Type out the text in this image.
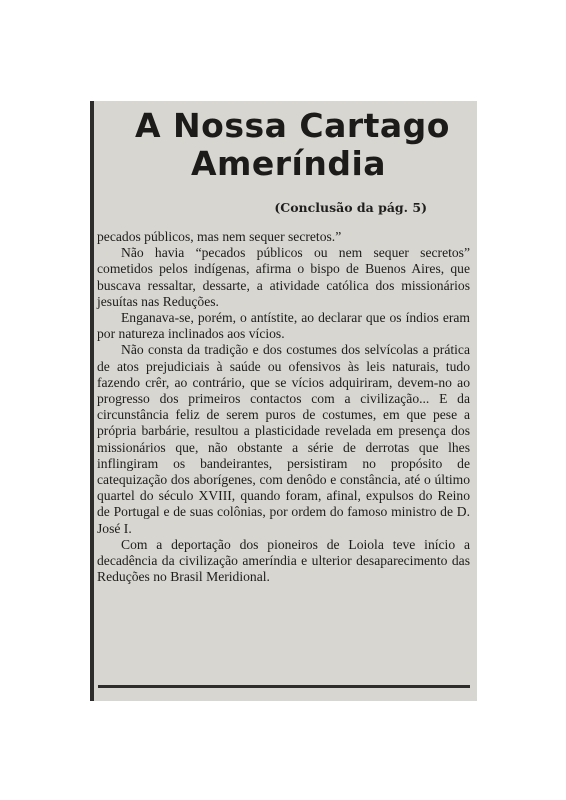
A Nossa Cartago
Ameríndia
(Conclusão da pág. 5)

pecados públicos, mas nem sequer secretos.”

Não havia “pecados públicos ou nem sequer secretos” cometidos pelos indígenas, afirma o bispo de Buenos Aires, que buscava ressaltar, dessarte, a atividade católica dos missionários jesuítas nas Reduções.

Enganava-se, porém, o antístite, ao declarar que os índios eram por natureza inclinados aos vícios.

Não consta da tradição e dos costumes dos selvícolas a prática de atos prejudiciais à saúde ou ofensivos às leis naturais, tudo fazendo crêr, ao contrário, que se vícios adquiriram, devem-no ao progresso dos primeiros contactos com a civilização... E da circunstância feliz de serem puros de costumes, em que pese a própria barbárie, resultou a plasticidade revelada em presença dos missionários que, não obstante a série de derrotas que lhes inflingiram os bandeirantes, persistiram no propósito de catequização dos aborígenes, com denôdo e constância, até o último quartel do século XVIII, quando foram, afinal, expulsos do Reino de Portugal e de suas colônias, por ordem do famoso ministro de D. José I.

Com a deportação dos pioneiros de Loiola teve início a decadência da civilização ameríndia e ulterior desaparecimento das Reduções no Brasil Meridional.
